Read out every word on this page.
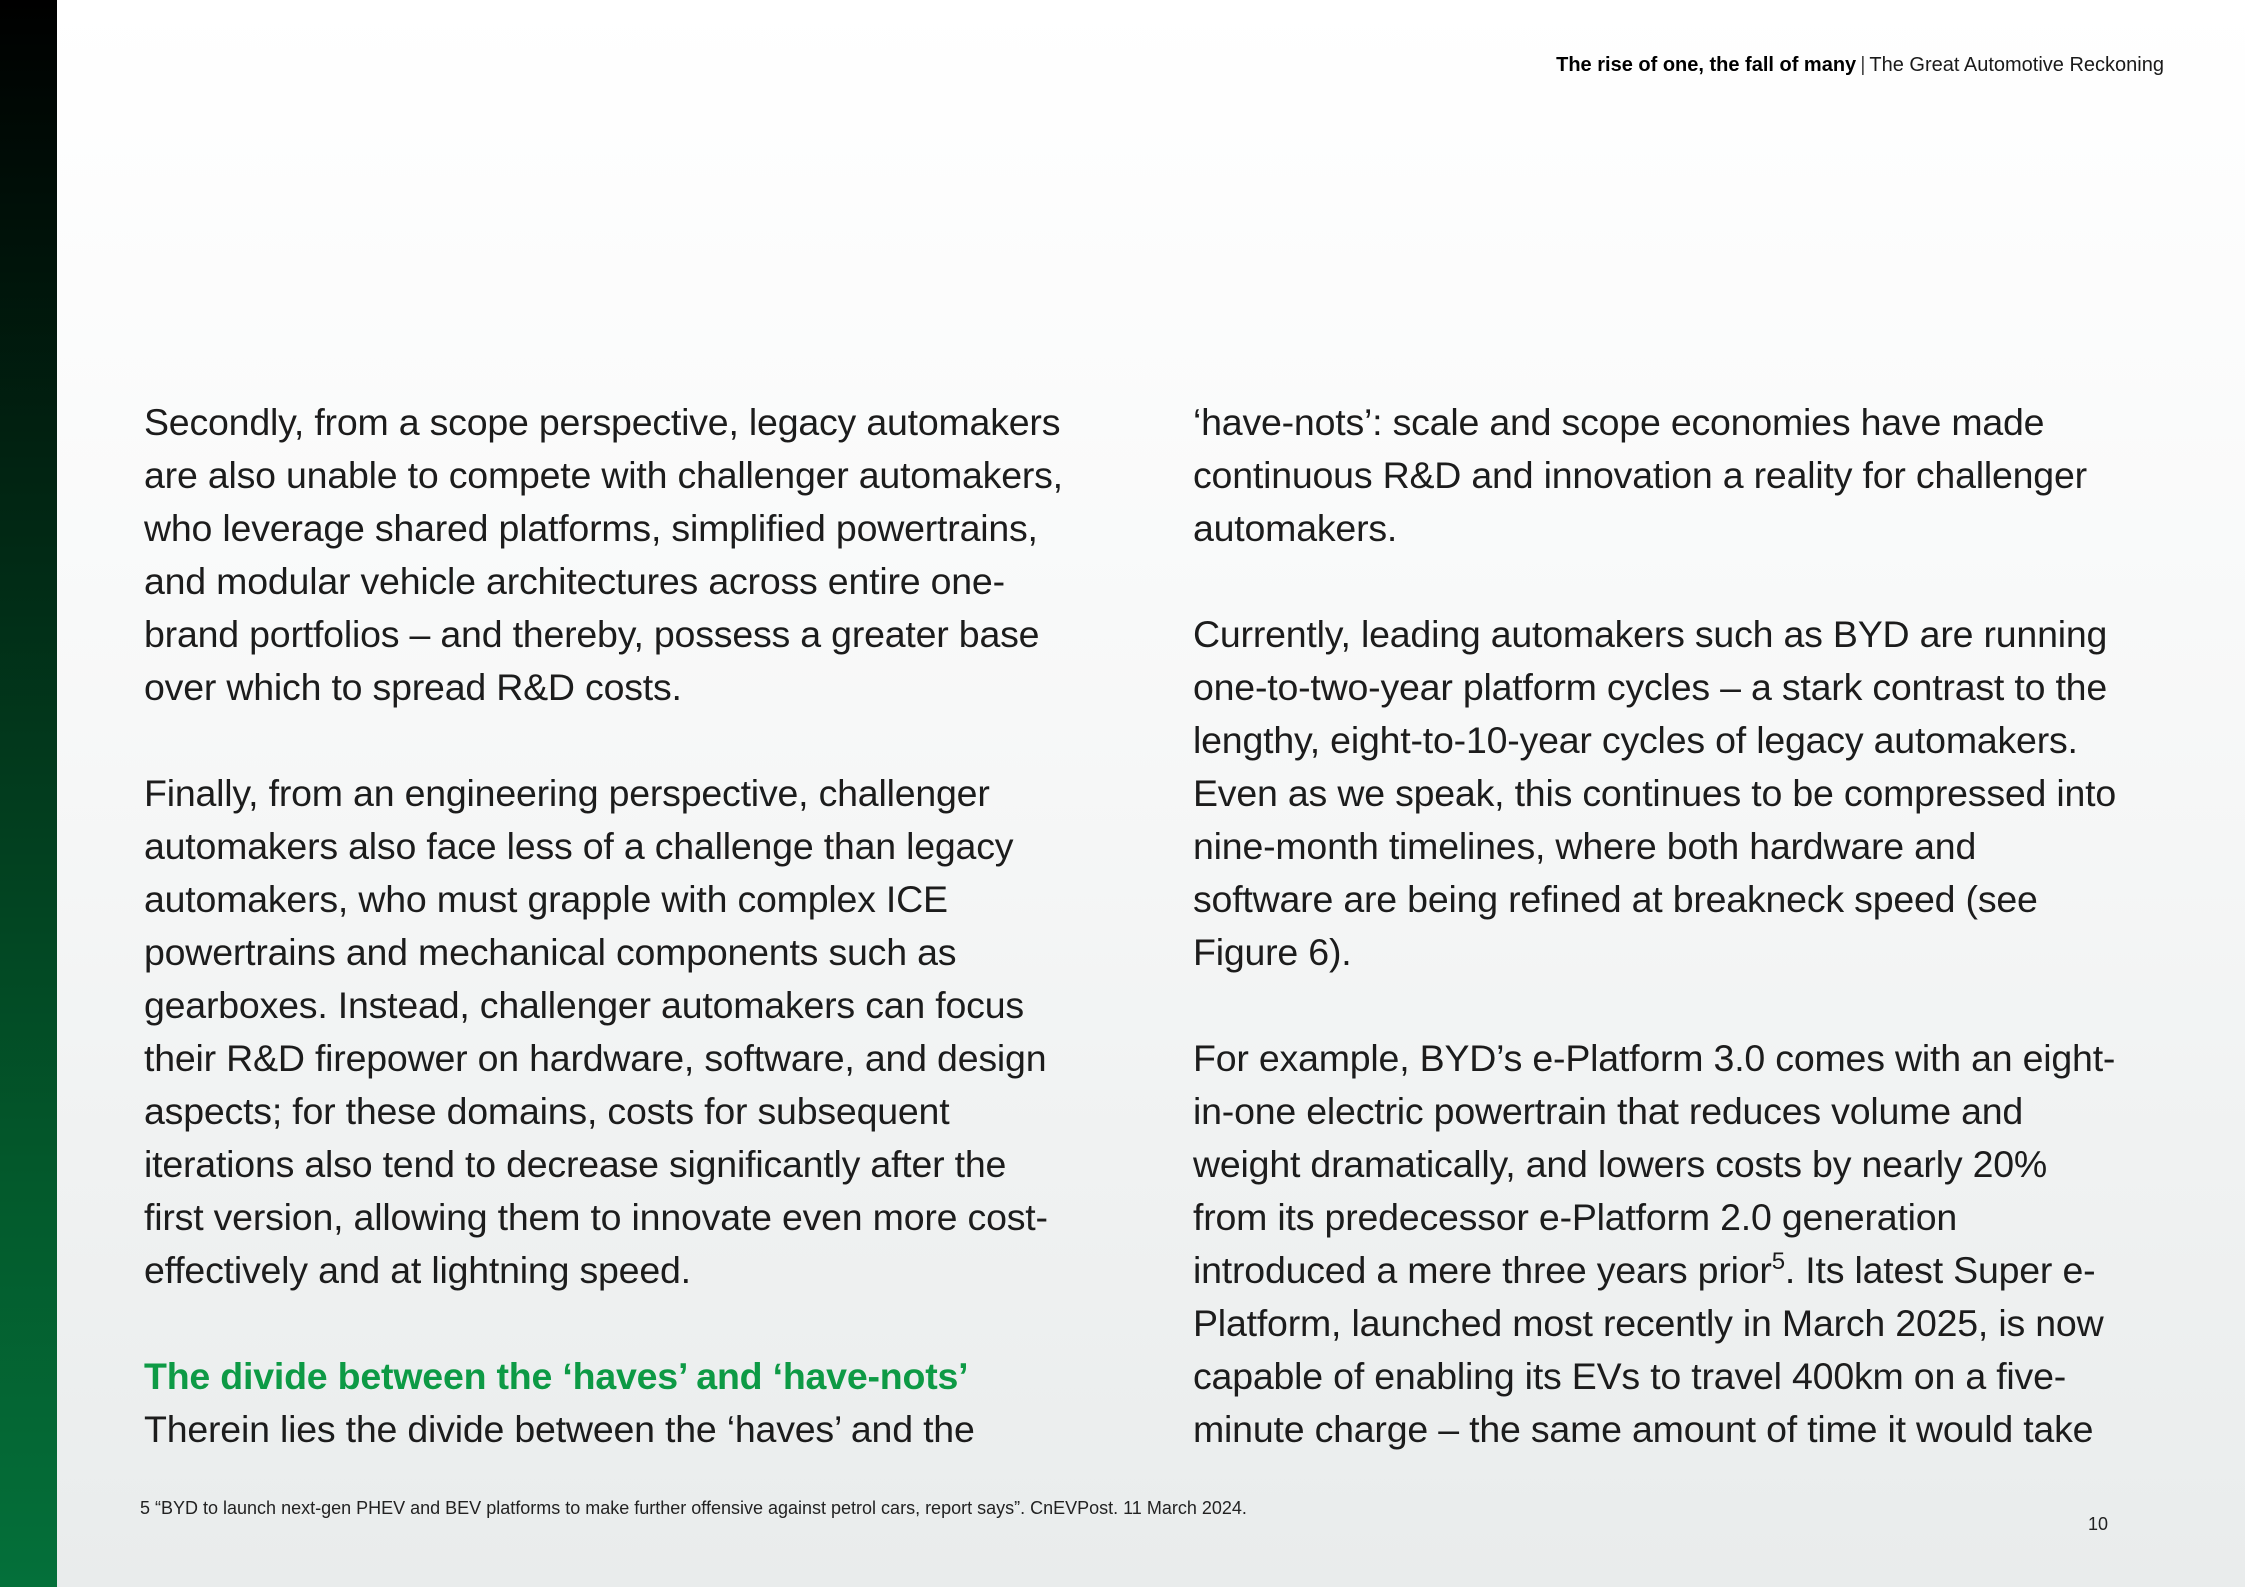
The rise of one, the fall of many | The Great Automotive Reckoning

Secondly, from a scope perspective, legacy automakers
are also unable to compete with challenger automakers,
who leverage shared platforms, simplified powertrains,
and modular vehicle architectures across entire one-
brand portfolios – and thereby, possess a greater base
over which to spread R&D costs.

Finally, from an engineering perspective, challenger
automakers also face less of a challenge than legacy
automakers, who must grapple with complex ICE
powertrains and mechanical components such as
gearboxes. Instead, challenger automakers can focus
their R&D firepower on hardware, software, and design
aspects; for these domains, costs for subsequent
iterations also tend to decrease significantly after the
first version, allowing them to innovate even more cost-
effectively and at lightning speed.

The divide between the ‘haves’ and ‘have-nots’

Therein lies the divide between the ‘haves’ and the

‘have-nots’: scale and scope economies have made
continuous R&D and innovation a reality for challenger
automakers.

Currently, leading automakers such as BYD are running
one-to-two-year platform cycles – a stark contrast to the
lengthy, eight-to-10-year cycles of legacy automakers.
Even as we speak, this continues to be compressed into
nine-month timelines, where both hardware and
software are being refined at breakneck speed (see
Figure 6).

For example, BYD’s e-Platform 3.0 comes with an eight-
in-one electric powertrain that reduces volume and
weight dramatically, and lowers costs by nearly 20%
from its predecessor e-Platform 2.0 generation
introduced a mere three years prior$^5$. Its latest Super e-
Platform, launched most recently in March 2025, is now
capable of enabling its EVs to travel 400km on a five-
minute charge – the same amount of time it would take

5 “BYD to launch next-gen PHEV and BEV platforms to make further offensive against petrol cars, report says”. CnEVPost. 11 March 2024.
10
